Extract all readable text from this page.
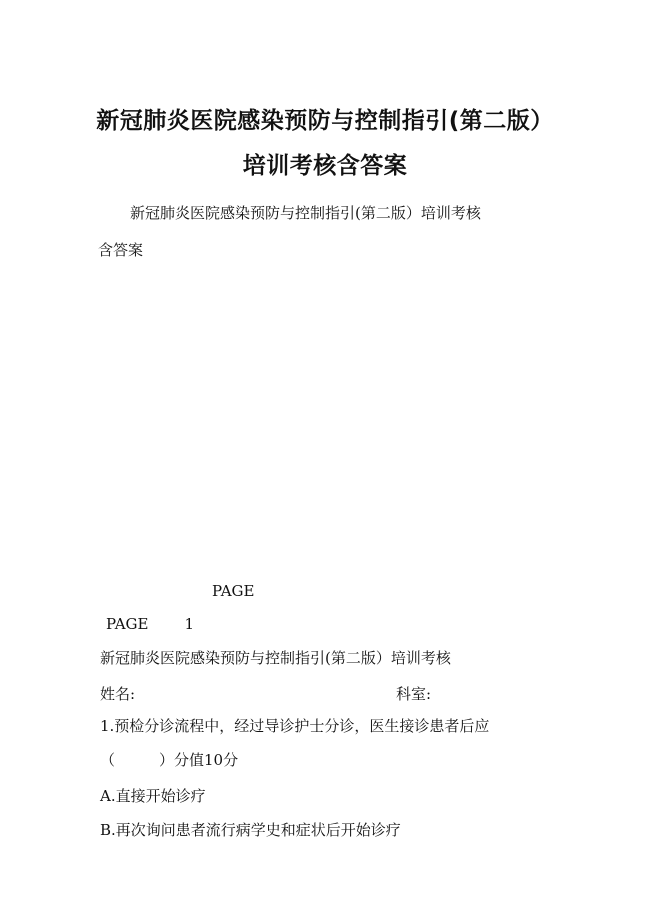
新冠肺炎医院感染预防与控制指引(第二版）
培训考核含答案
新冠肺炎医院感染预防与控制指引(第二版）培训考核
含答案
PAGE
PAGE 1
新冠肺炎医院感染预防与控制指引(第二版）培训考核
姓名:	科室:
1.预检分诊流程中，经过导诊护士分诊，医生接诊患者后应
（	）分值10分
A.直接开始诊疗
B.再次询问患者流行病学史和症状后开始诊疗
